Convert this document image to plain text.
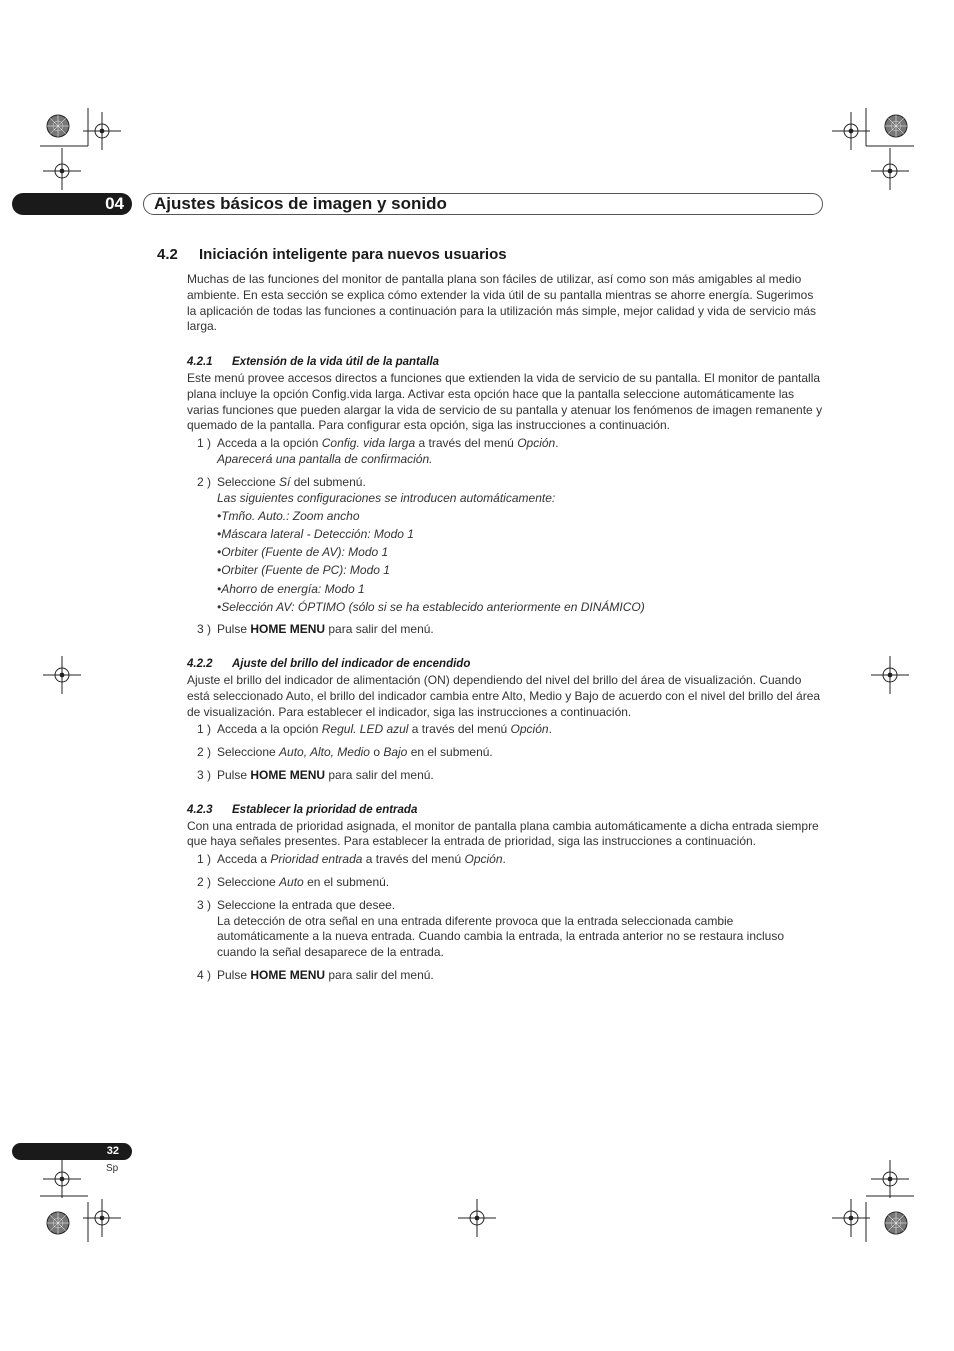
04 Ajustes básicos de imagen y sonido
4.2 Iniciación inteligente para nuevos usuarios

Muchas de las funciones del monitor de pantalla plana son fáciles de utilizar, así como son más amigables al medio ambiente. En esta sección se explica cómo extender la vida útil de su pantalla mientras se ahorre energía. Sugerimos la aplicación de todas las funciones a continuación para la utilización más simple, mejor calidad y vida de servicio más larga.

4.2.1 Extensión de la vida útil de la pantalla

Este menú provee accesos directos a funciones que extienden la vida de servicio de su pantalla. El monitor de pantalla plana incluye la opción Config.vida larga. Activar esta opción hace que la pantalla seleccione automáticamente las varias funciones que pueden alargar la vida de servicio de su pantalla y atenuar los fenómenos de imagen remanente y quemado de la pantalla. Para configurar esta opción, siga las instrucciones a continuación.

1 ) Acceda a la opción Config. vida larga a través del menú Opción.
Aparecerá una pantalla de confirmación.
2 ) Seleccione Sí del submenú.
Las siguientes configuraciones se introducen automáticamente:
•Tmño. Auto.: Zoom ancho
•Máscara lateral - Detección: Modo 1
•Orbiter (Fuente de AV): Modo 1
•Orbiter (Fuente de PC): Modo 1
•Ahorro de energía: Modo 1
•Selección AV: ÓPTIMO (sólo si se ha establecido anteriormente en DINÁMICO)
3 ) Pulse HOME MENU para salir del menú.

4.2.2 Ajuste del brillo del indicador de encendido

Ajuste el brillo del indicador de alimentación (ON) dependiendo del nivel del brillo del área de visualización. Cuando está seleccionado Auto, el brillo del indicador cambia entre Alto, Medio y Bajo de acuerdo con el nivel del brillo del área de visualización. Para establecer el indicador, siga las instrucciones a continuación.

1 ) Acceda a la opción Regul. LED azul a través del menú Opción.
2 ) Seleccione Auto, Alto, Medio o Bajo en el submenú.
3 ) Pulse HOME MENU para salir del menú.

4.2.3 Establecer la prioridad de entrada

Con una entrada de prioridad asignada, el monitor de pantalla plana cambia automáticamente a dicha entrada siempre que haya señales presentes. Para establecer la entrada de prioridad, siga las instrucciones a continuación.

1 ) Acceda a Prioridad entrada a través del menú Opción.
2 ) Seleccione Auto en el submenú.
3 ) Seleccione la entrada que desee.
La detección de otra señal en una entrada diferente provoca que la entrada seleccionada cambie automáticamente a la nueva entrada. Cuando cambia la entrada, la entrada anterior no se restaura incluso cuando la señal desaparece de la entrada.
4 ) Pulse HOME MENU para salir del menú.
32
Sp
